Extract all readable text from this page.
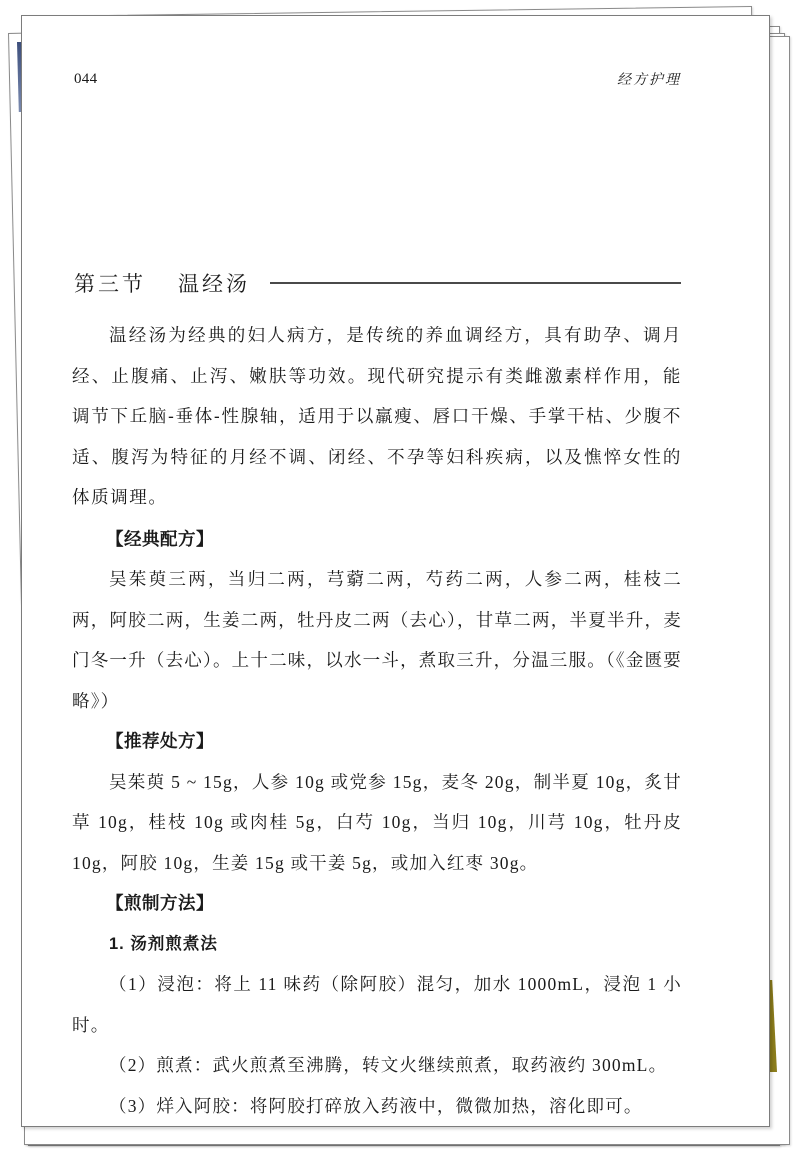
044	经方护理
第三节 温经汤

温经汤为经典的妇人病方，是传统的养血调经方，具有助孕、调月经、止腹痛、止泻、嫩肤等功效。现代研究提示有类雌激素样作用，能调节下丘脑-垂体-性腺轴，适用于以羸瘦、唇口干燥、手掌干枯、少腹不适、腹泻为特征的月经不调、闭经、不孕等妇科疾病，以及憔悴女性的体质调理。

【经典配方】

吴茱萸三两，当归二两，芎藭二两，芍药二两，人参二两，桂枝二两，阿胶二两，生姜二两，牡丹皮二两（去心），甘草二两，半夏半升，麦门冬一升（去心）。上十二味，以水一斗，煮取三升，分温三服。（《金匮要略》）

【推荐处方】

吴茱萸 5 ~ 15g，人参 10g 或党参 15g，麦冬 20g，制半夏 10g，炙甘草 10g，桂枝 10g 或肉桂 5g，白芍 10g，当归 10g，川芎 10g，牡丹皮 10g，阿胶 10g，生姜 15g 或干姜 5g，或加入红枣 30g。

【煎制方法】

1. 汤剂煎煮法

（1）浸泡：将上 11 味药（除阿胶）混匀，加水 1000mL，浸泡 1 小时。

（2）煎煮：武火煎煮至沸腾，转文火继续煎煮，取药液约 300mL。

（3）烊入阿胶：将阿胶打碎放入药液中，微微加热，溶化即可。
